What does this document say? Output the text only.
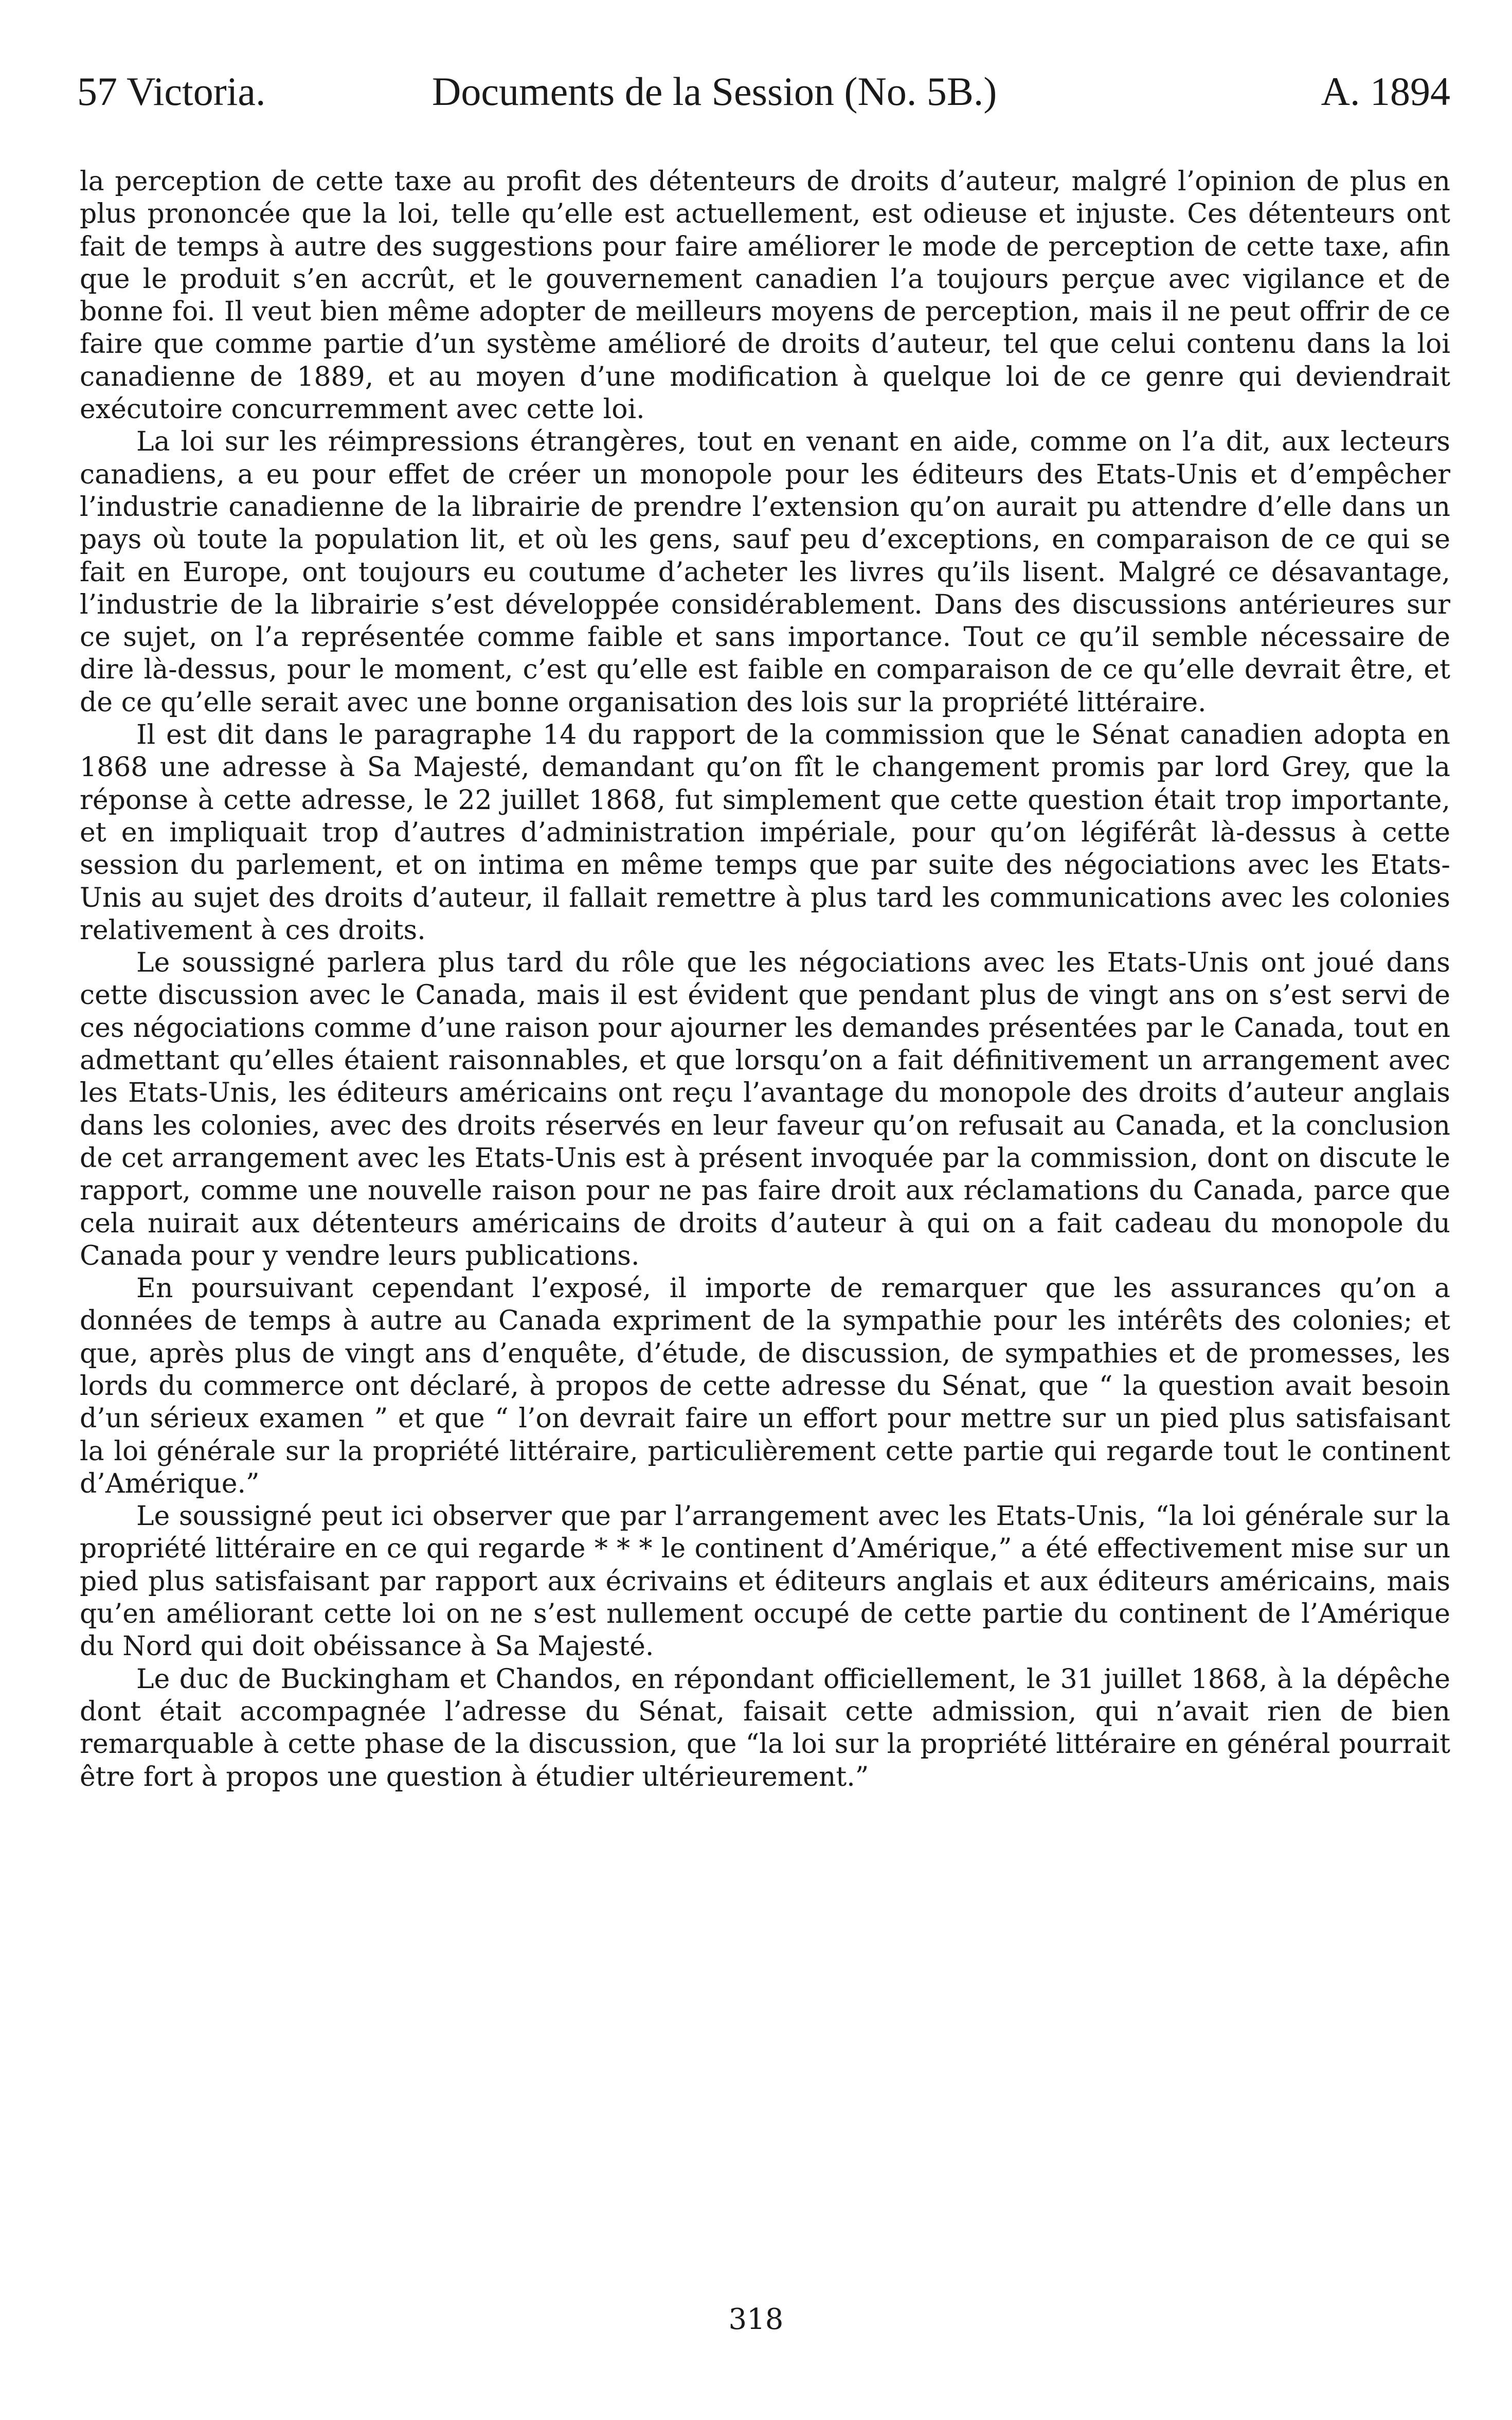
57 Victoria.	Documents de la Session (No. 5B.)	A. 1894

la perception de cette taxe au profit des détenteurs de droits d’auteur, malgré l’opinion de plus en plus prononcée que la loi, telle qu’elle est actuellement, est odieuse et injuste. Ces détenteurs ont fait de temps à autre des suggestions pour faire améliorer le mode de perception de cette taxe, afin que le produit s’en accrût, et le gouvernement canadien l’a toujours perçue avec vigilance et de bonne foi. Il veut bien même adopter de meilleurs moyens de perception, mais il ne peut offrir de ce faire que comme partie d’un système amélioré de droits d’auteur, tel que celui contenu dans la loi canadienne de 1889, et au moyen d’une modification à quelque loi de ce genre qui deviendrait exécutoire concurremment avec cette loi.

La loi sur les réimpressions étrangères, tout en venant en aide, comme on l’a dit, aux lecteurs canadiens, a eu pour effet de créer un monopole pour les éditeurs des Etats-Unis et d’empêcher l’industrie canadienne de la librairie de prendre l’extension qu’on aurait pu attendre d’elle dans un pays où toute la population lit, et où les gens, sauf peu d’exceptions, en comparaison de ce qui se fait en Europe, ont toujours eu coutume d’acheter les livres qu’ils lisent. Malgré ce désavantage, l’industrie de la librairie s’est développée considérablement. Dans des discussions antérieures sur ce sujet, on l’a représentée comme faible et sans importance. Tout ce qu’il semble nécessaire de dire là-dessus, pour le moment, c’est qu’elle est faible en comparaison de ce qu’elle devrait être, et de ce qu’elle serait avec une bonne organisation des lois sur la propriété littéraire.

Il est dit dans le paragraphe 14 du rapport de la commission que le Sénat canadien adopta en 1868 une adresse à Sa Majesté, demandant qu’on fît le changement promis par lord Grey, que la réponse à cette adresse, le 22 juillet 1868, fut simplement que cette question était trop importante, et en impliquait trop d’autres d’administration impériale, pour qu’on légiférât là-dessus à cette session du parlement, et on intima en même temps que par suite des négociations avec les Etats-Unis au sujet des droits d’auteur, il fallait remettre à plus tard les communications avec les colonies relativement à ces droits.

Le soussigné parlera plus tard du rôle que les négociations avec les Etats-Unis ont joué dans cette discussion avec le Canada, mais il est évident que pendant plus de vingt ans on s’est servi de ces négociations comme d’une raison pour ajourner les demandes présentées par le Canada, tout en admettant qu’elles étaient raisonnables, et que lorsqu’on a fait définitivement un arrangement avec les Etats-Unis, les éditeurs américains ont reçu l’avantage du monopole des droits d’auteur anglais dans les colonies, avec des droits réservés en leur faveur qu’on refusait au Canada, et la conclusion de cet arrangement avec les Etats-Unis est à présent invoquée par la commission, dont on discute le rapport, comme une nouvelle raison pour ne pas faire droit aux réclamations du Canada, parce que cela nuirait aux détenteurs américains de droits d’auteur à qui on a fait cadeau du monopole du Canada pour y vendre leurs publications.

En poursuivant cependant l’exposé, il importe de remarquer que les assurances qu’on a données de temps à autre au Canada expriment de la sympathie pour les intérêts des colonies; et que, après plus de vingt ans d’enquête, d’étude, de discussion, de sympathies et de promesses, les lords du commerce ont déclaré, à propos de cette adresse du Sénat, que “ la question avait besoin d’un sérieux examen ” et que “ l’on devrait faire un effort pour mettre sur un pied plus satisfaisant la loi générale sur la propriété littéraire, particulièrement cette partie qui regarde tout le continent d’Amérique.”

Le soussigné peut ici observer que par l’arrangement avec les Etats-Unis, “la loi générale sur la propriété littéraire en ce qui regarde * * * le continent d’Amérique,” a été effectivement mise sur un pied plus satisfaisant par rapport aux écrivains et éditeurs anglais et aux éditeurs américains, mais qu’en améliorant cette loi on ne s’est nullement occupé de cette partie du continent de l’Amérique du Nord qui doit obéissance à Sa Majesté.

Le duc de Buckingham et Chandos, en répondant officiellement, le 31 juillet 1868, à la dépêche dont était accompagnée l’adresse du Sénat, faisait cette admission, qui n’avait rien de bien remarquable à cette phase de la discussion, que “la loi sur la propriété littéraire en général pourrait être fort à propos une question à étudier ultérieurement.”

318
